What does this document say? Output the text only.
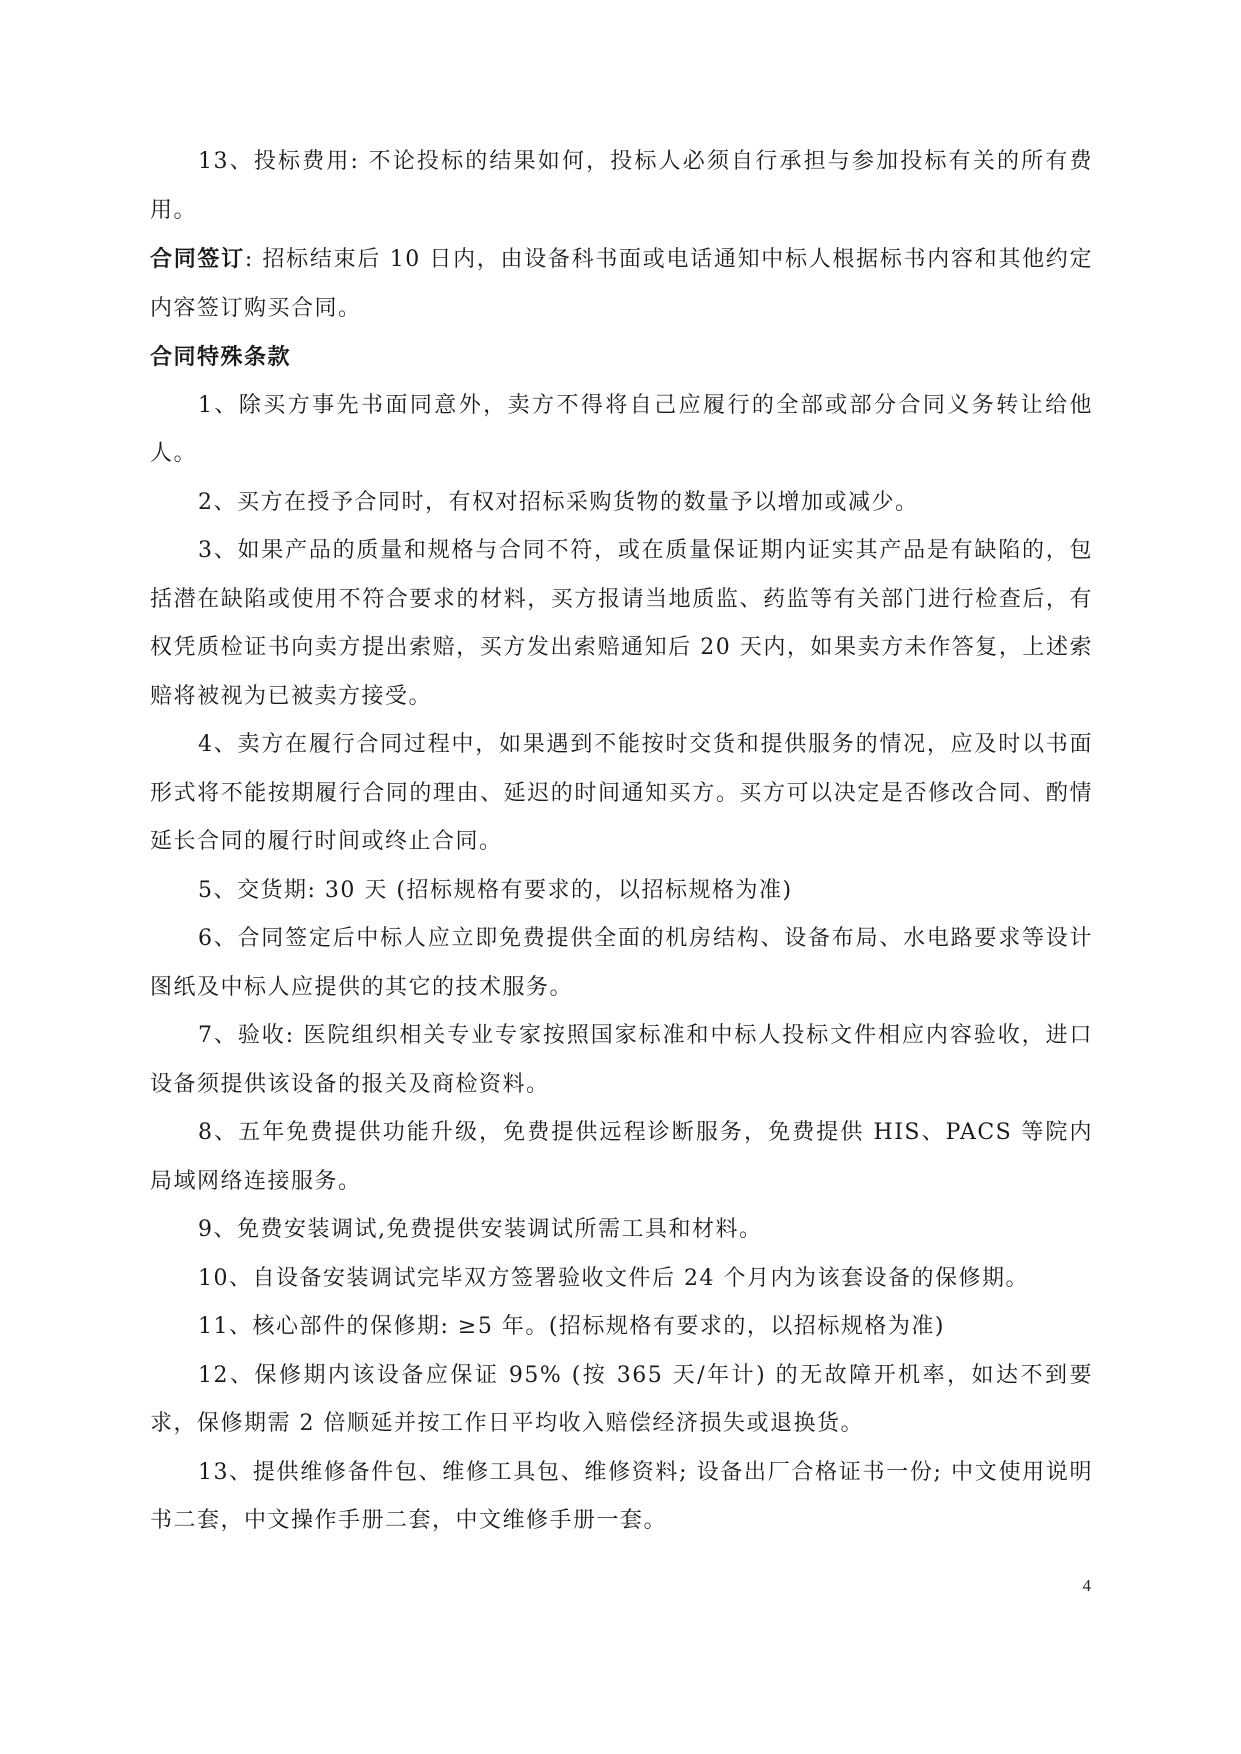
13、投标费用: 不论投标的结果如何，投标人必须自行承担与参加投标有关的所有费用。

合同签订: 招标结束后 10 日内，由设备科书面或电话通知中标人根据标书内容和其他约定内容签订购买合同。

合同特殊条款

1、除买方事先书面同意外，卖方不得将自己应履行的全部或部分合同义务转让给他人。

2、买方在授予合同时，有权对招标采购货物的数量予以增加或减少。

3、如果产品的质量和规格与合同不符，或在质量保证期内证实其产品是有缺陷的，包括潜在缺陷或使用不符合要求的材料，买方报请当地质监、药监等有关部门进行检查后，有权凭质检证书向卖方提出索赔，买方发出索赔通知后 20 天内，如果卖方未作答复，上述索赔将被视为已被卖方接受。

4、卖方在履行合同过程中，如果遇到不能按时交货和提供服务的情况，应及时以书面形式将不能按期履行合同的理由、延迟的时间通知买方。买方可以决定是否修改合同、酌情延长合同的履行时间或终止合同。

5、交货期: 30 天 (招标规格有要求的，以招标规格为准)

6、合同签定后中标人应立即免费提供全面的机房结构、设备布局、水电路要求等设计图纸及中标人应提供的其它的技术服务。

7、验收: 医院组织相关专业专家按照国家标准和中标人投标文件相应内容验收，进口设备须提供该设备的报关及商检资料。

8、五年免费提供功能升级，免费提供远程诊断服务，免费提供 HIS、PACS 等院内局域网络连接服务。

9、免费安装调试,免费提供安装调试所需工具和材料。

10、自设备安装调试完毕双方签署验收文件后 24 个月内为该套设备的保修期。

11、核心部件的保修期: ≥5 年。(招标规格有要求的，以招标规格为准)

12、保修期内该设备应保证 95% (按 365 天/年计) 的无故障开机率，如达不到要求，保修期需 2 倍顺延并按工作日平均收入赔偿经济损失或退换货。

13、提供维修备件包、维修工具包、维修资料; 设备出厂合格证书一份; 中文使用说明书二套，中文操作手册二套，中文维修手册一套。

4
